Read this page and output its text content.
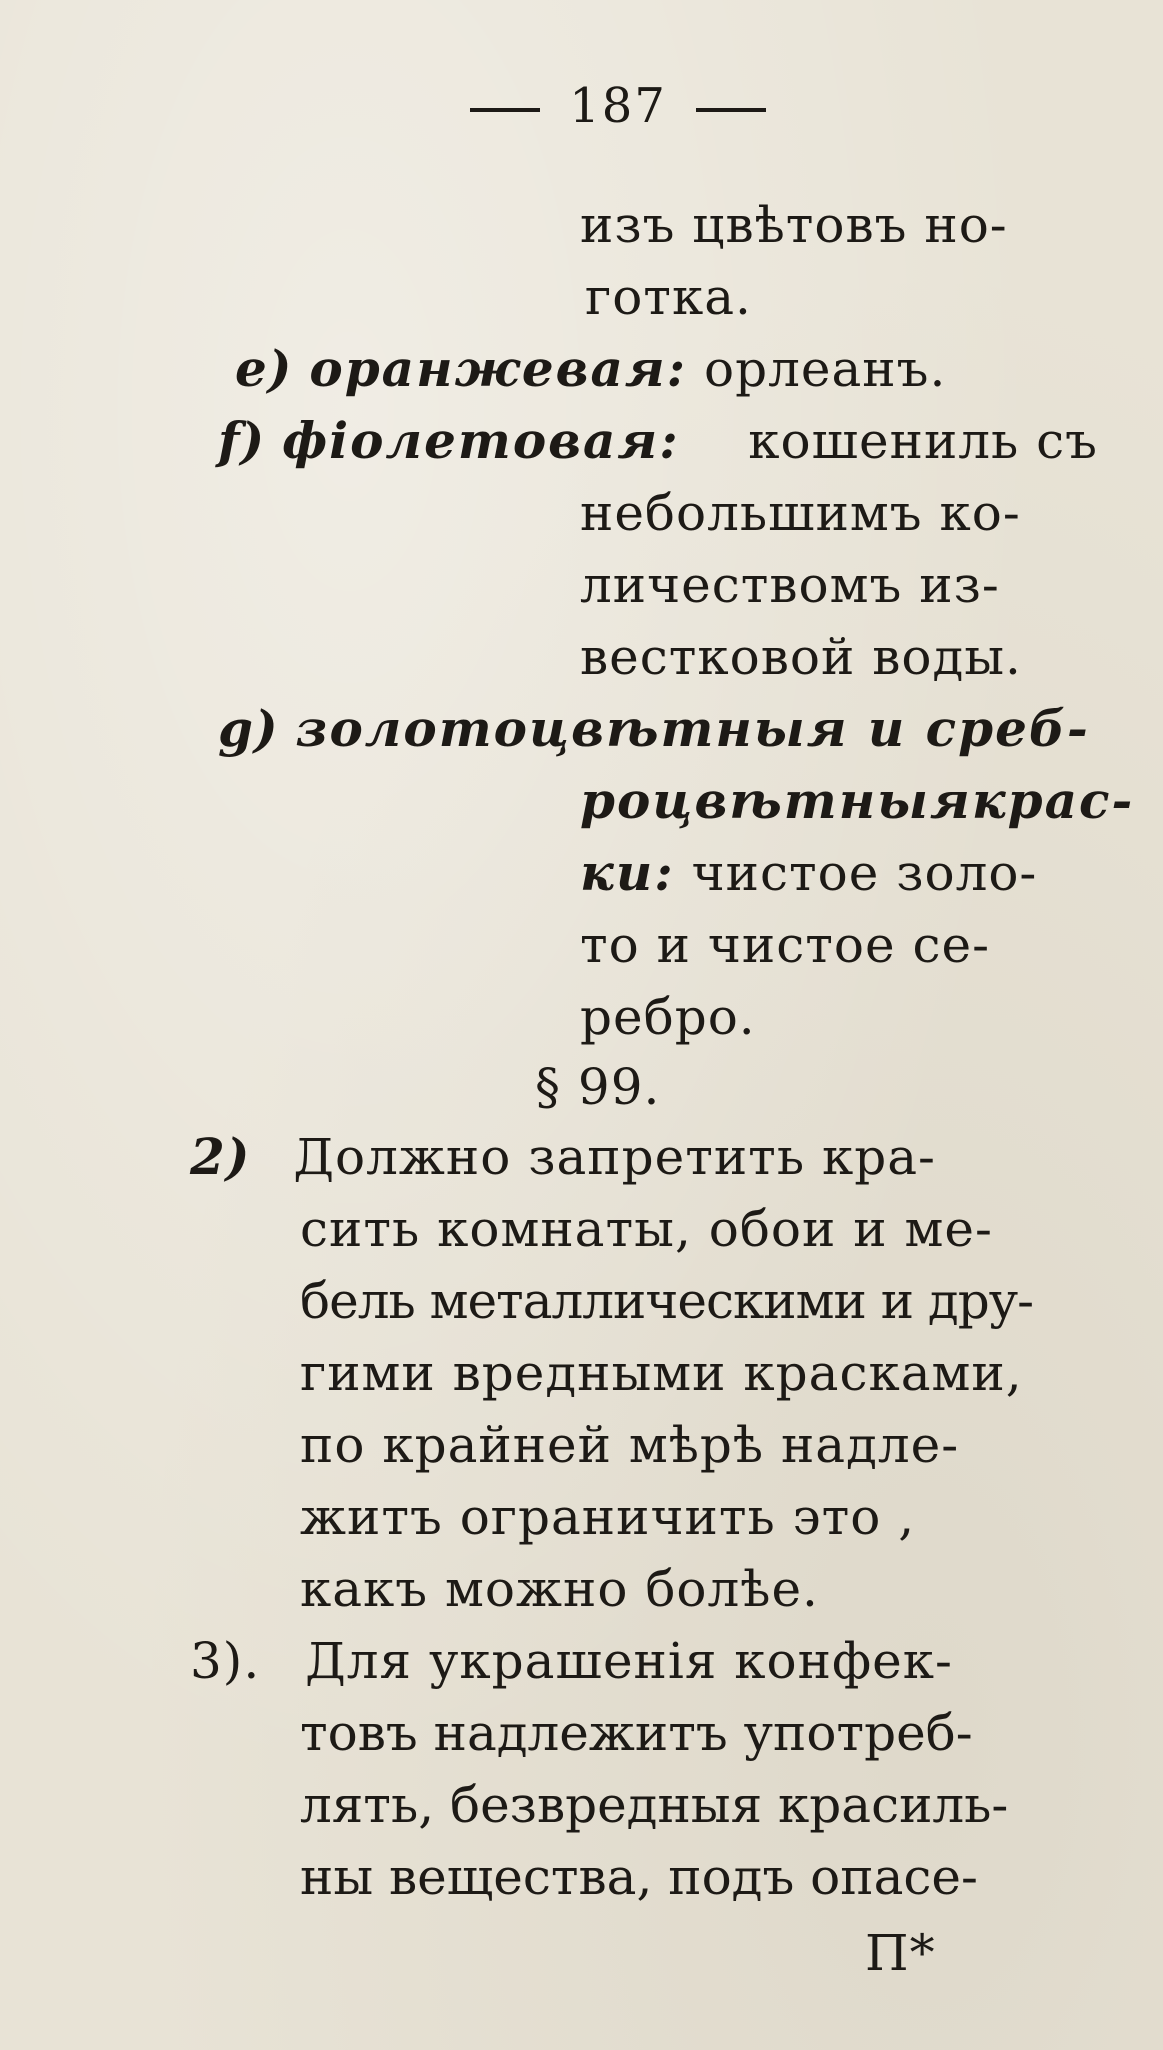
187
изъ цвѣтовъ но-
готка.
e) оранжевая: орлеанъ.
f) фіолетовая: кошениль съ
небольшимъ ко-
личествомъ из-
вестковой воды.
g) золотоцвѣтныя и среб-
роцвѣтныякрас-
ки: чистое золо-
то и чистое се-
ребро.
§ 99.
2) Должно запретить кра-
сить комнаты, обои и ме-
бель металлическими и дру-
гими вредными красками,
по крайней мѣрѣ надле-
житъ ограничить это ,
какъ можно болѣе.
3). Для украшенія конфек-
товъ надлежитъ употреб-
лять, безвредныя красиль-
ны вещества, подъ опасе-
П*
